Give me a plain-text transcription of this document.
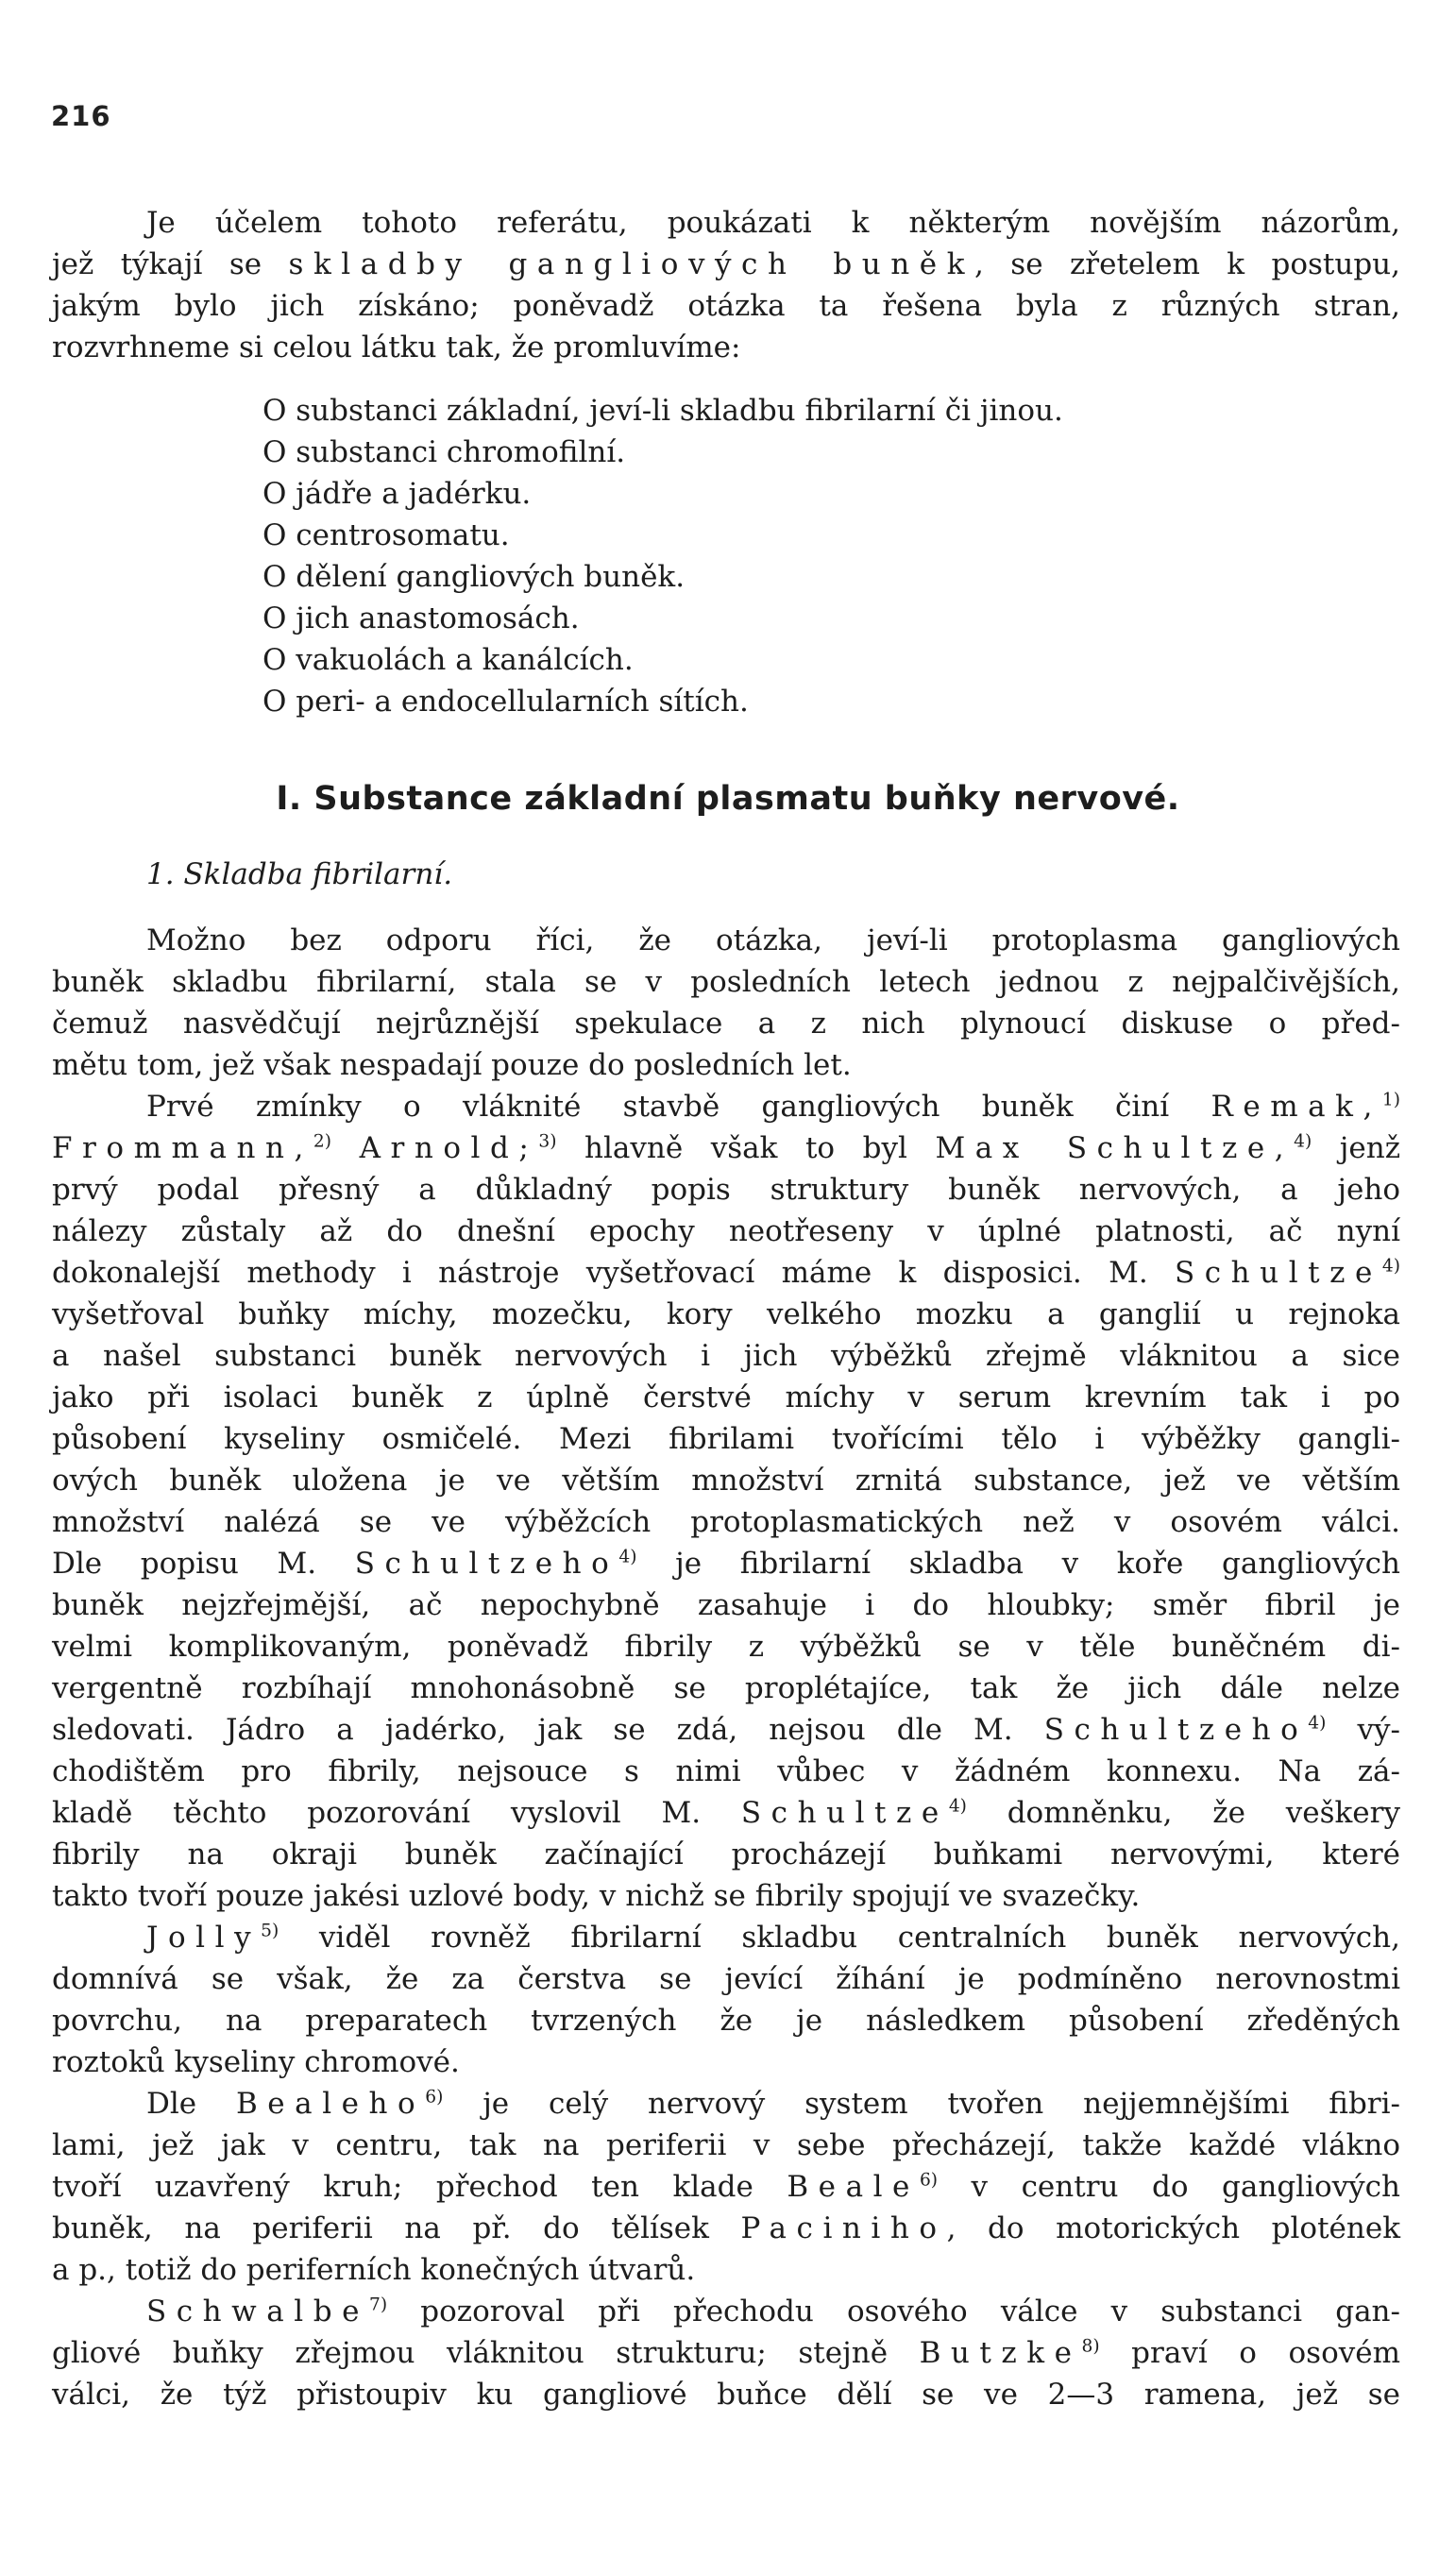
216
Je účelem tohoto referátu, poukázati k některým novějším názorům,
jež týkají se skladby gangliových buněk, se zřetelem k postupu,
jakým bylo jich získáno; poněvadž otázka ta řešena byla z různých stran,
rozvrhneme si celou látku tak, že promluvíme:
O substanci základní, jeví-li skladbu fibrilarní či jinou.
O substanci chromofilní.
O jádře a jadérku.
O centrosomatu.
O dělení gangliových buněk.
O jich anastomosách.
O vakuolách a kanálcích.
O peri- a endocellularních sítích.
I. Substance základní plasmatu buňky nervové.
1. Skladba fibrilarní.
Možno bez odporu říci, že otázka, jeví-li protoplasma gangliových
buněk skladbu fibrilarní, stala se v posledních letech jednou z nejpalčivějších,
čemuž nasvědčují nejrůznější spekulace a z nich plynoucí diskuse o před-
mětu tom, jež však nespadají pouze do posledních let.
Prvé zmínky o vláknité stavbě gangliových buněk činí Remak,$^{1)}$
Frommann,$^{2)}$ Arnold;$^{3)}$ hlavně však to byl Max Schultze,$^{4)}$ jenž
prvý podal přesný a důkladný popis struktury buněk nervových, a jeho
nálezy zůstaly až do dnešní epochy neotřeseny v úplné platnosti, ač nyní
dokonalejší methody i nástroje vyšetřovací máme k disposici. M. Schultze$^{4)}$
vyšetřoval buňky míchy, mozečku, kory velkého mozku a ganglií u rejnoka
a našel substanci buněk nervových i jich výběžků zřejmě vláknitou a sice
jako při isolaci buněk z úplně čerstvé míchy v serum krevním tak i po
působení kyseliny osmičelé. Mezi fibrilami tvořícími tělo i výběžky gangli-
ových buněk uložena je ve větším množství zrnitá substance, jež ve větším
množství nalézá se ve výběžcích protoplasmatických než v osovém válci.
Dle popisu M. Schultzeho$^{4)}$ je fibrilarní skladba v koře gangliových
buněk nejzřejmější, ač nepochybně zasahuje i do hloubky; směr fibril je
velmi komplikovaným, poněvadž fibrily z výběžků se v těle buněčném di-
vergentně rozbíhají mnohonásobně se proplétajíce, tak že jich dále nelze
sledovati. Jádro a jadérko, jak se zdá, nejsou dle M. Schultzeho$^{4)}$ vý-
chodištěm pro fibrily, nejsouce s nimi vůbec v žádném konnexu. Na zá-
kladě těchto pozorování vyslovil M. Schultze$^{4)}$ domněnku, že veškery
fibrily na okraji buněk začínající procházejí buňkami nervovými, které
takto tvoří pouze jakési uzlové body, v nichž se fibrily spojují ve svazečky.
Jolly$^{5)}$ viděl rovněž fibrilarní skladbu centralních buněk nervových,
domnívá se však, že za čerstva se jevící žíhání je podmíněno nerovnostmi
povrchu, na preparatech tvrzených že je následkem působení zředěných
roztoků kyseliny chromové.
Dle Bealeho$^{6)}$ je celý nervový system tvořen nejjemnějšími fibri-
lami, jež jak v centru, tak na periferii v sebe přecházejí, takže každé vlákno
tvoří uzavřený kruh; přechod ten klade Beale$^{6)}$ v centru do gangliových
buněk, na periferii na př. do tělísek Paciniho, do motorických plotének
a p., totiž do periferních konečných útvarů.
Schwalbe$^{7)}$ pozoroval při přechodu osového válce v substanci gan-
gliové buňky zřejmou vláknitou strukturu; stejně Butzke$^{8)}$ praví o osovém
válci, že týž přistoupiv ku gangliové buňce dělí se ve 2—3 ramena, jež se
